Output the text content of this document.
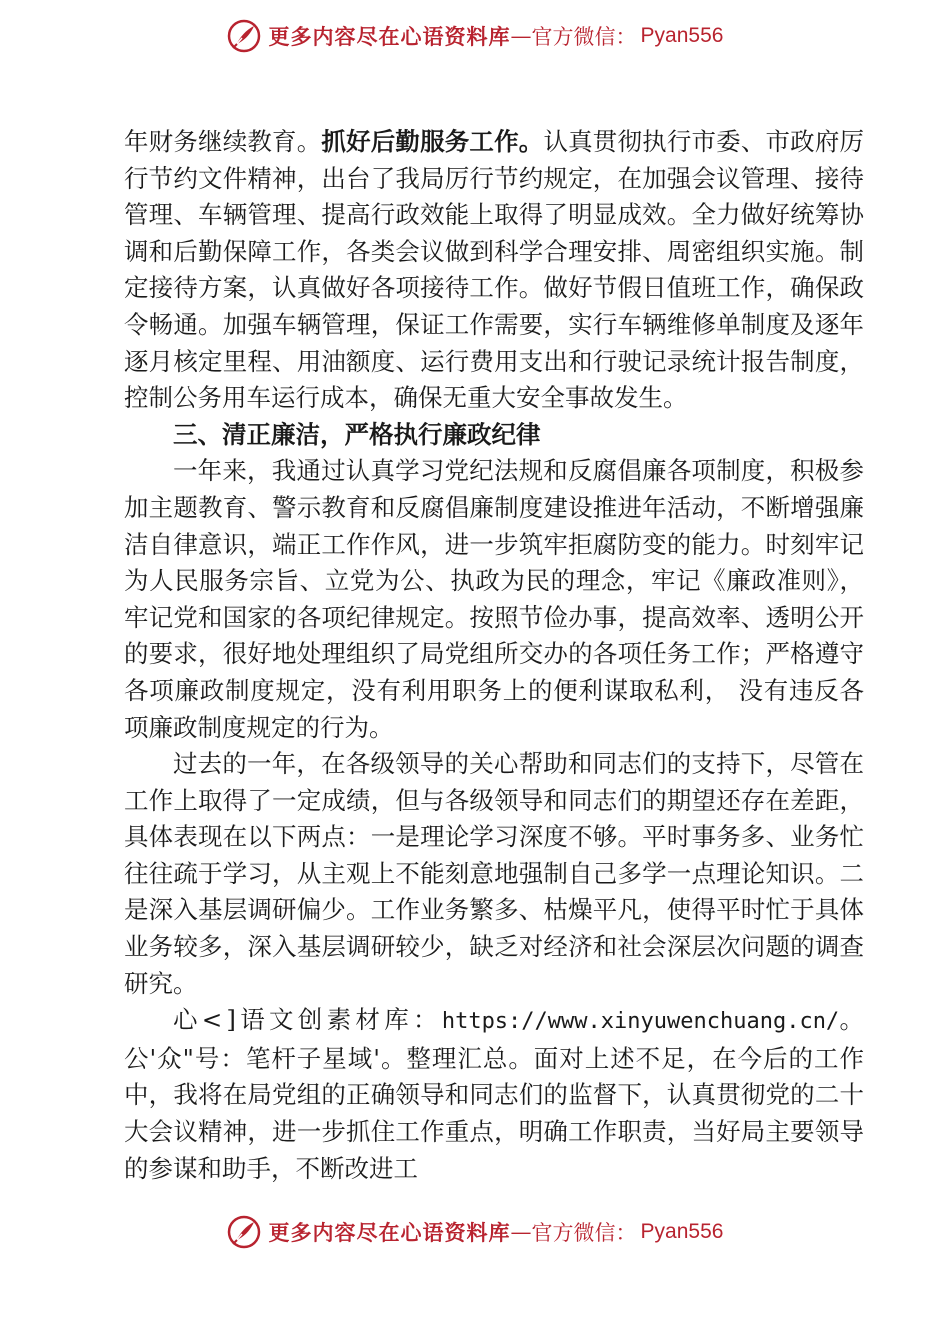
更多内容尽在心语资料库 — 官方微信： Pyan556

年财务继续教育。抓好后勤服务工作。认真贯彻执行市委、市政府厉行节约文件精神，出台了我局厉行节约规定，在加强会议管理、接待管理、车辆管理、提高行政效能上取得了明显成效。全力做好统筹协调和后勤保障工作，各类会议做到科学合理安排、周密组织实施。制定接待方案，认真做好各项接待工作。做好节假日值班工作，确保政令畅通。加强车辆管理，保证工作需要，实行车辆维修单制度及逐年逐月核定里程、用油额度、运行费用支出和行驶记录统计报告制度，控制公务用车运行成本，确保无重大安全事故发生。

三、清正廉洁，严格执行廉政纪律

一年来，我通过认真学习党纪法规和反腐倡廉各项制度，积极参加主题教育、警示教育和反腐倡廉制度建设推进年活动，不断增强廉洁自律意识，端正工作作风，进一步筑牢拒腐防变的能力。时刻牢记为人民服务宗旨、立党为公、执政为民的理念，牢记《廉政准则》，牢记党和国家的各项纪律规定。按照节俭办事，提高效率、透明公开的要求，很好地处理组织了局党组所交办的各项任务工作；严格遵守各项廉政制度规定，没有利用职务上的便利谋取私利， 没有违反各项廉政制度规定的行为。

过去的一年，在各级领导的关心帮助和同志们的支持下，尽管在工作上取得了一定成绩，但与各级领导和同志们的期望还存在差距，具体表现在以下两点：一是理论学习深度不够。平时事务多、业务忙往往疏于学习，从主观上不能刻意地强制自己多学一点理论知识。二是深入基层调研偏少。工作业务繁多、枯燥平凡，使得平时忙于具体业务较多，深入基层调研较少，缺乏对经济和社会深层次问题的调查研究。

心<]语文创素材库：https://www.xinyuwenchuang.cn/。公'众"号：笔杆子星域'。整理汇总。面对上述不足，在今后的工作中，我将在局党组的正确领导和同志们的监督下，认真贯彻党的二十大会议精神，进一步抓住工作重点，明确工作职责，当好局主要领导的参谋和助手，不断改进工

更多内容尽在心语资料库 — 官方微信： Pyan556
